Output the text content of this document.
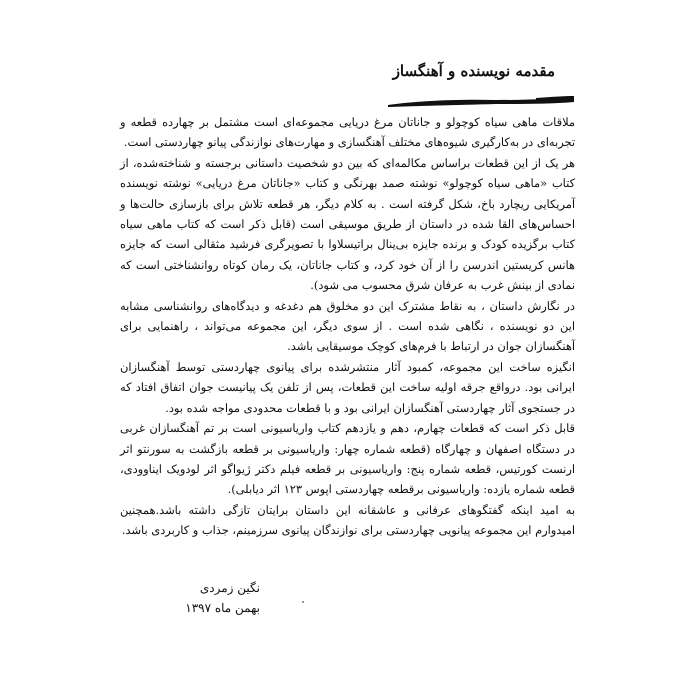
مقدمه نویسنده و آهنگساز

ملاقات ماهی سیاه کوچولو و جاناتان مرغ دریایی مجموعه‌ای است مشتمل بر چهارده قطعه و تجربه‌ای در به‌کارگیری شیوه‌های مختلف آهنگسازی و مهارت‌های نوازندگی پیانو چهاردستی است.

هر یک از این قطعات براساس مکالمه‌ای که بین دو شخصیت داستانی برجسته و شناخته‌شده، از کتاب «ماهی سیاه کوچولو» نوشته صمد بهرنگی و کتاب «جاناتان مرغ دریایی» نوشته نویسنده آمریکایی ریچارد باخ، شکل گرفته است . به کلام دیگر، هر قطعه تلاش برای بازسازی حالت‌ها و احساس‌های القا شده در داستان از طریق موسیقی است (قابل ذکر است که کتاب ماهی سیاه کتاب برگزیده کودک و برنده جایزه بی‌ینال براتیسلاوا با تصویرگری فرشید مثقالی است که جایزه هانس کریستین اندرسن را از آن خود کرد، و کتاب جاناتان، یک رمان کوتاه روانشناختی است که نمادی از بینش غرب به عرفان شرق محسوب می شود).

در نگارش داستان ، به نقاط مشترک این دو مخلوق هم دغدغه و دیدگاه‌های روانشناسی مشابه این دو نویسنده ، نگاهی شده است . از سوی دیگر، این مجموعه می‌تواند ، راهنمایی برای آهنگسازان جوان در ارتباط با فرم‌های کوچک موسیقایی باشد.

انگیزه ساخت این مجموعه، کمبود آثار منتشرشده برای پیانوی چهاردستی توسط آهنگسازان ایرانی بود. درواقع جرقه اولیه ساخت این قطعات، پس از تلفن یک پیانیست جوان اتفاق افتاد که در جستجوی آثار چهاردستی آهنگسازان ایرانی بود و با قطعات محدودی مواجه شده بود.

قابل ذکر است که قطعات چهارم، دهم و یازدهم کتاب واریاسیونی است بر تم آهنگسازان غربی در دستگاه اصفهان و چهارگاه (قطعه شماره چهار: واریاسیونی بر قطعه بازگشت به سورنتو اثر ارنست کورتیس، قطعه شماره پنج: واریاسیونی بر قطعه فیلم دکتر ژیواگو اثر لودویک ایناوودی، قطعه شماره یازده: واریاسیونی برقطعه چهاردستی اپوس ۱۲۳ اثر دیابلی).

به امید اینکه گفتگوهای عرفانی و عاشقانه این داستان برایتان تازگی داشته باشد.همچنین امیدوارم این مجموعه پیانویی چهاردستی برای نوازندگان پیانوی سرزمینم، جذاب و کاربردی باشد.

نگین زمردی
بهمن ماه ۱۳۹۷
